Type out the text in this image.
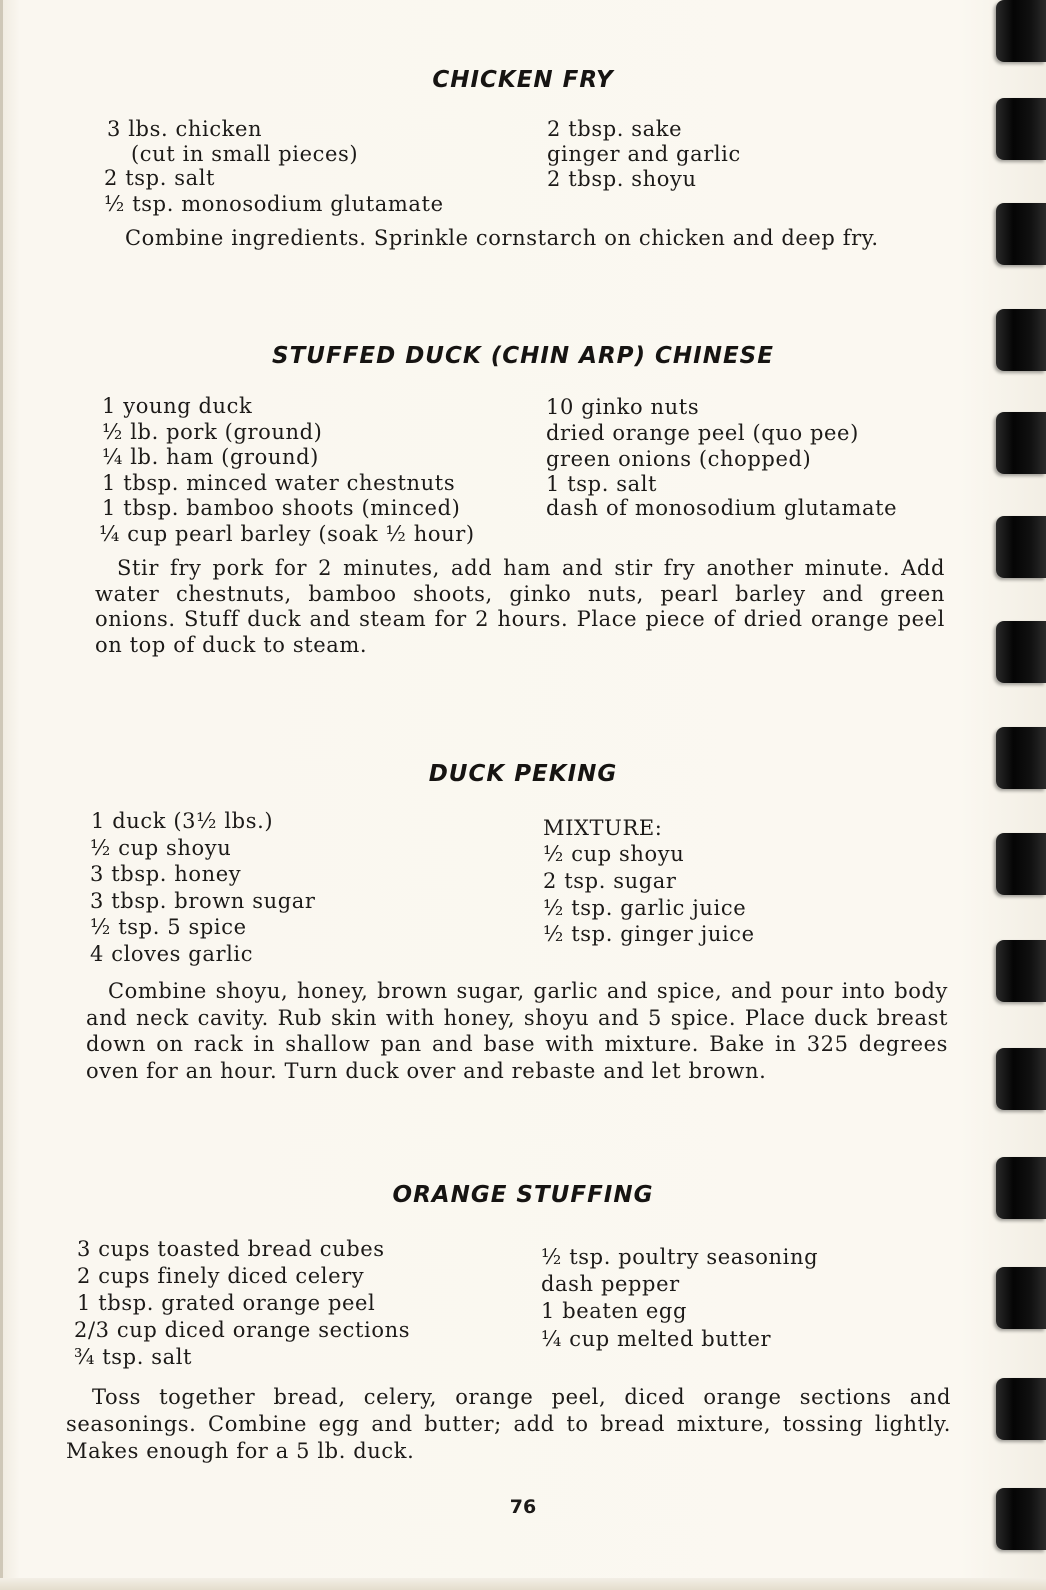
CHICKEN FRY

3 lbs. chicken

(cut in small pieces)

2 tsp. salt

½ tsp. monosodium glutamate

2 tbsp. sake

ginger and garlic

2 tbsp. shoyu

Combine ingredients. Sprinkle cornstarch on chicken and deep fry.

STUFFED DUCK (CHIN ARP) CHINESE

1 young duck

½ lb. pork (ground)

¼ lb. ham (ground)

1 tbsp. minced water chestnuts

1 tbsp. bamboo shoots (minced)

¼ cup pearl barley (soak ½ hour)

10 ginko nuts

dried orange peel (quo pee)

green onions (chopped)

1 tsp. salt

dash of monosodium glutamate

Stir fry pork for 2 minutes, add ham and stir fry another minute. Add water chestnuts, bamboo shoots, ginko nuts, pearl barley and green onions. Stuff duck and steam for 2 hours. Place piece of dried orange peel on top of duck to steam.

DUCK PEKING

1 duck (3½ lbs.)

½ cup shoyu

3 tbsp. honey

3 tbsp. brown sugar

½ tsp. 5 spice

4 cloves garlic

MIXTURE:

½ cup shoyu

2 tsp. sugar

½ tsp. garlic juice

½ tsp. ginger juice

Combine shoyu, honey, brown sugar, garlic and spice, and pour into body and neck cavity. Rub skin with honey, shoyu and 5 spice. Place duck breast down on rack in shallow pan and base with mixture. Bake in 325 degrees oven for an hour. Turn duck over and rebaste and let brown.

ORANGE STUFFING

3 cups toasted bread cubes

2 cups finely diced celery

1 tbsp. grated orange peel

2/3 cup diced orange sections

¾ tsp. salt

½ tsp. poultry seasoning

dash pepper

1 beaten egg

¼ cup melted butter

Toss together bread, celery, orange peel, diced orange sections and seasonings. Combine egg and butter; add to bread mixture, tossing lightly. Makes enough for a 5 lb. duck.

76
